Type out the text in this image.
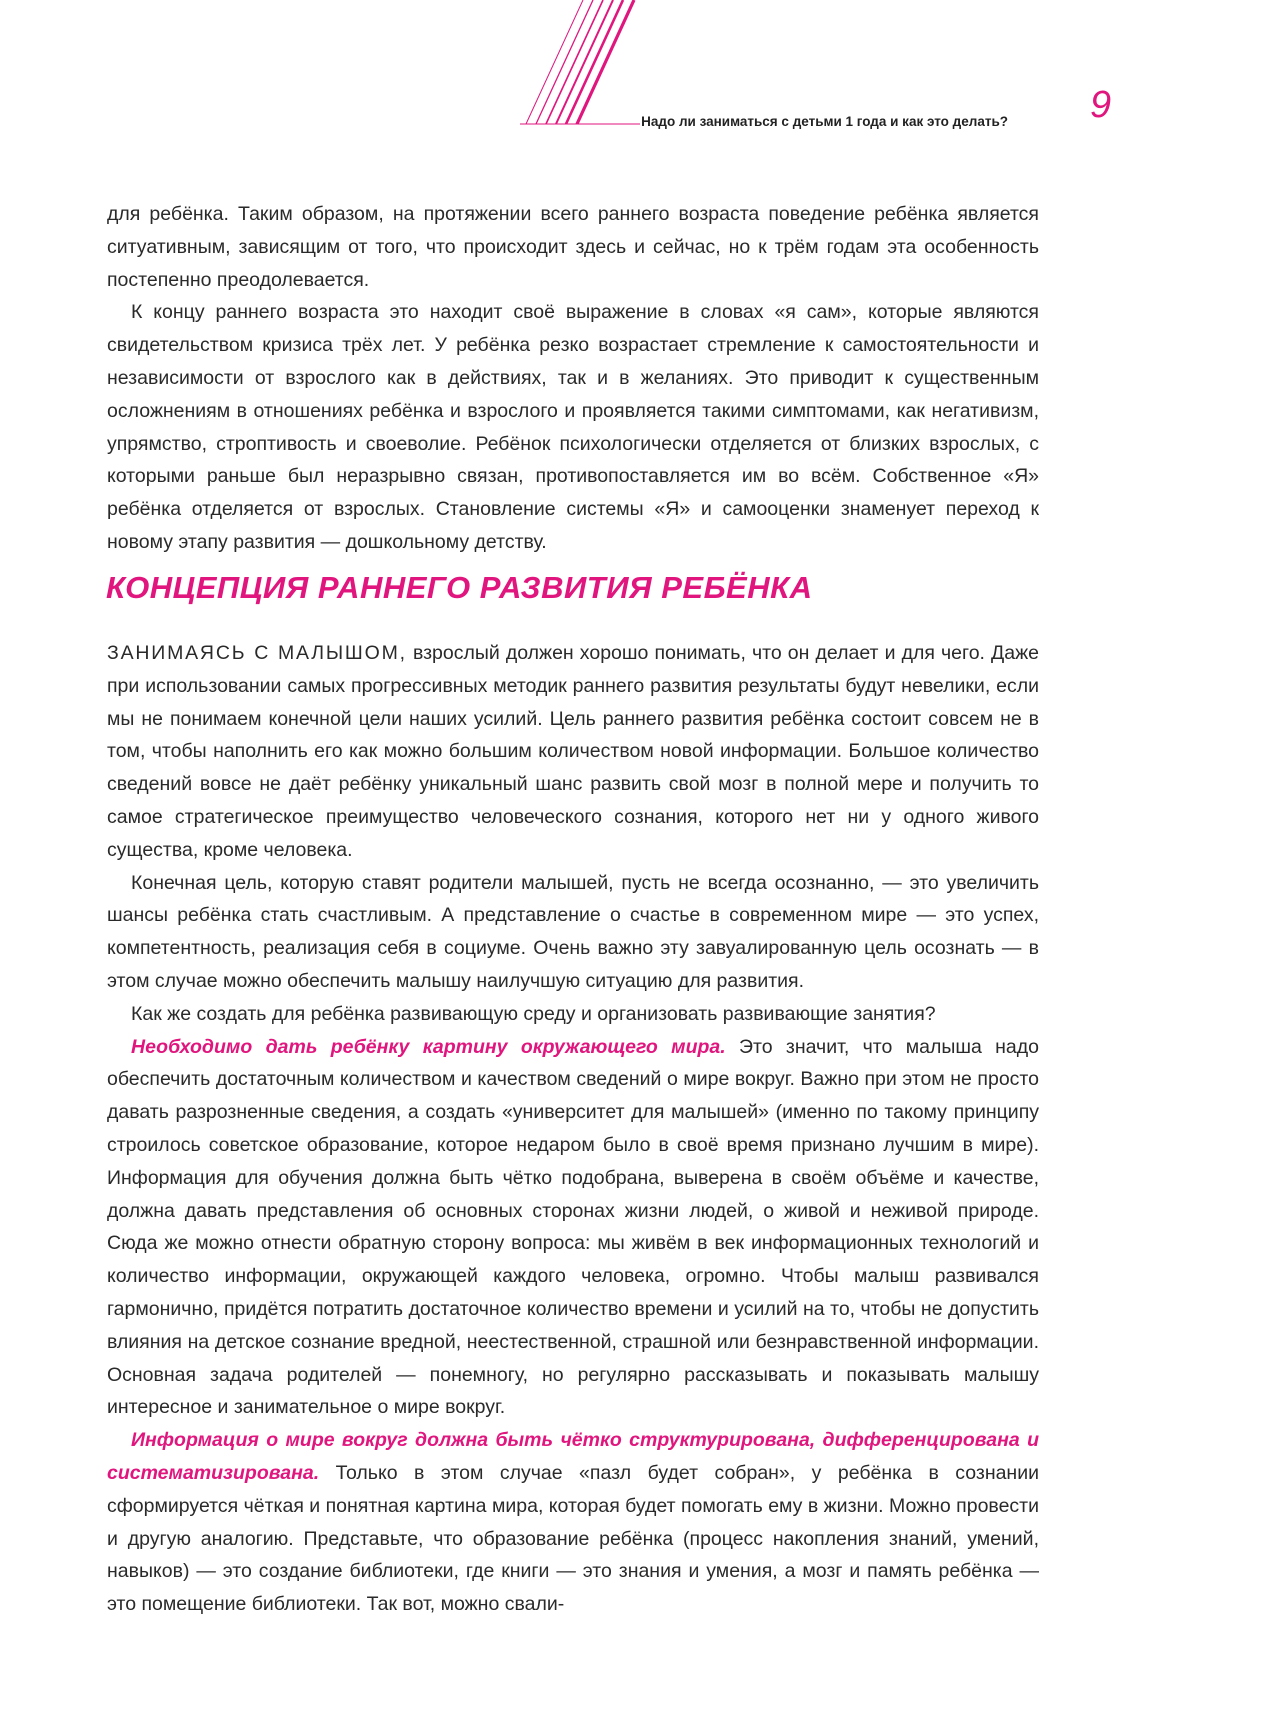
Надо ли заниматься с детьми 1 года и как это делать? 9

для ребёнка. Таким образом, на протяжении всего раннего возраста поведение ребёнка является ситуативным, зависящим от того, что происходит здесь и сейчас, но к трём годам эта особенность постепенно преодолевается.

К концу раннего возраста это находит своё выражение в словах «я сам», которые являются свидетельством кризиса трёх лет. У ребёнка резко возрастает стремление к самостоятельности и независимости от взрослого как в действиях, так и в желаниях. Это приводит к существенным осложнениям в отношениях ребёнка и взрослого и проявляется такими симптомами, как негативизм, упрямство, строптивость и своеволие. Ребёнок психологически отделяется от близких взрослых, с которыми раньше был неразрывно связан, противопоставляется им во всём. Собственное «Я» ребёнка отделяется от взрослых. Становление системы «Я» и самооценки знаменует переход к новому этапу развития — дошкольному детству.

КОНЦЕПЦИЯ РАННЕГО РАЗВИТИЯ РЕБЁНКА

ЗАНИМАЯСЬ С МАЛЫШОМ, взрослый должен хорошо понимать, что он делает и для чего. Даже при использовании самых прогрессивных методик раннего развития результаты будут невелики, если мы не понимаем конечной цели наших усилий. Цель раннего развития ребёнка состоит совсем не в том, чтобы наполнить его как можно большим количеством новой информации. Большое количество сведений вовсе не даёт ребёнку уникальный шанс развить свой мозг в полной мере и получить то самое стратегическое преимущество человеческого сознания, которого нет ни у одного живого существа, кроме человека.

Конечная цель, которую ставят родители малышей, пусть не всегда осознанно, — это увеличить шансы ребёнка стать счастливым. А представление о счастье в современном мире — это успех, компетентность, реализация себя в социуме. Очень важно эту завуалированную цель осознать — в этом случае можно обеспечить малышу наилучшую ситуацию для развития.

Как же создать для ребёнка развивающую среду и организовать развивающие занятия?

Необходимо дать ребёнку картину окружающего мира. Это значит, что малыша надо обеспечить достаточным количеством и качеством сведений о мире вокруг. Важно при этом не просто давать разрозненные сведения, а создать «университет для малышей» (именно по такому принципу строилось советское образование, которое недаром было в своё время признано лучшим в мире). Информация для обучения должна быть чётко подобрана, выверена в своём объёме и качестве, должна давать представления об основных сторонах жизни людей, о живой и неживой природе. Сюда же можно отнести обратную сторону вопроса: мы живём в век информационных технологий и количество информации, окружающей каждого человека, огромно. Чтобы малыш развивался гармонично, придётся потратить достаточное количество времени и усилий на то, чтобы не допустить влияния на детское сознание вредной, неестественной, страшной или безнравственной информации. Основная задача родителей — понемногу, но регулярно рассказывать и показывать малышу интересное и занимательное о мире вокруг.

Информация о мире вокруг должна быть чётко структурирована, дифференцирована и систематизирована. Только в этом случае «пазл будет собран», у ребёнка в сознании сформируется чёткая и понятная картина мира, которая будет помогать ему в жизни. Можно провести и другую аналогию. Представьте, что образование ребёнка (процесс накопления знаний, умений, навыков) — это создание библиотеки, где книги — это знания и умения, а мозг и память ребёнка — это помещение библиотеки. Так вот, можно свали-
